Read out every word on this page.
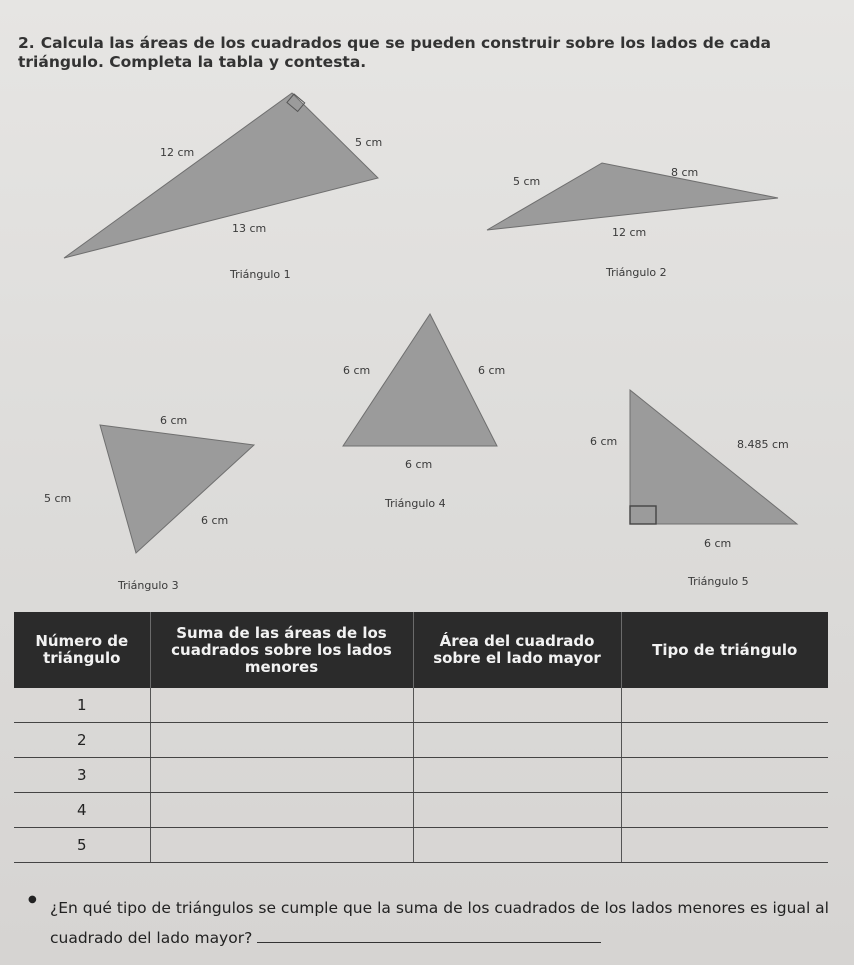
2. Calcula las áreas de los cuadrados que se pueden construir sobre los lados de cada triángulo. Completa la tabla y contesta.
12 cm
5 cm
13 cm
Triángulo 1
5 cm
8 cm
12 cm
Triángulo 2
6 cm
5 cm
6 cm
Triángulo 3
6 cm	6 cm
6 cm
Triángulo 4
6 cm	8.485 cm
6 cm
Triángulo 5
Número de triángulo	Suma de las áreas de los cuadrados sobre los lados menores	Área del cuadrado sobre el lado mayor	Tipo de triángulo
1			
2			
3			
4			
5			
● ¿En qué tipo de triángulos se cumple que la suma de los cuadrados de los lados menores es igual al cuadrado del lado mayor?
